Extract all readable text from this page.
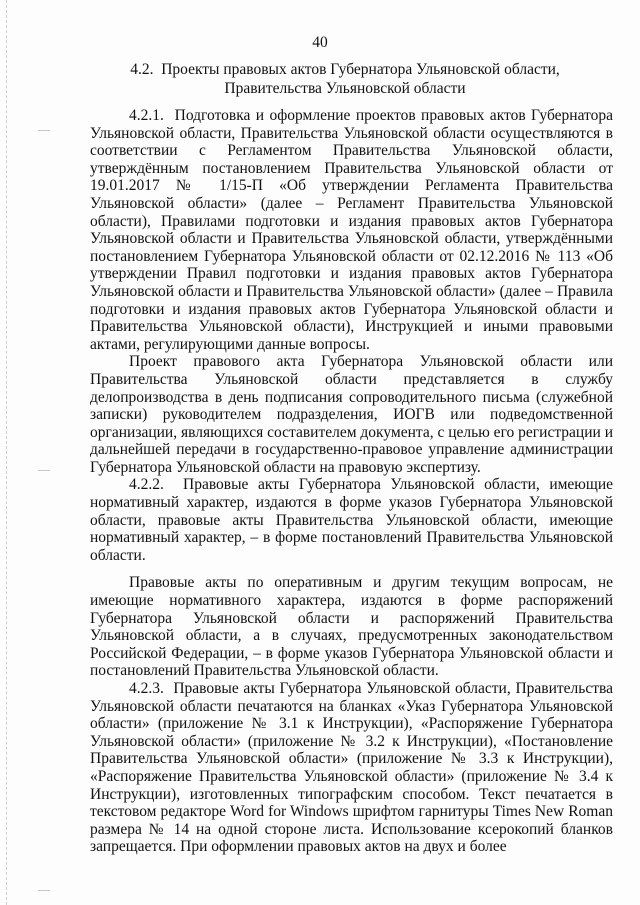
40
4.2.  Проекты правовых актов Губернатора Ульяновской области,
Правительства Ульяновской области

4.2.1.  Подготовка и оформление проектов правовых актов Губернатора Ульяновской области, Правительства Ульяновской области осуществляются в соответствии с Регламентом Правительства Ульяновской области, утверждённым постановлением Правительства Ульяновской области от 19.01.2017 № 1/15-П «Об утверждении Регламента Правительства Ульяновской области» (далее – Регламент Правительства Ульяновской области), Правилами подготовки и издания правовых актов Губернатора Ульяновской области и Правительства Ульяновской области, утверждёнными постановлением Губернатора Ульяновской области от 02.12.2016 № 113 «Об утверждении Правил подготовки и издания правовых актов Губернатора Ульяновской области и Правительства Ульяновской области» (далее – Правила подготовки и издания правовых актов Губернатора Ульяновской области и Правительства Ульяновской области), Инструкцией и иными правовыми актами, регулирующими данные вопросы.

Проект правового акта Губернатора Ульяновской области или Правительства Ульяновской области представляется в службу делопроизводства в день подписания сопроводительного письма (служебной записки) руководителем подразделения, ИОГВ или подведомственной организации, являющихся составителем документа, с целью его регистрации и дальнейшей передачи в государственно-правовое управление администрации Губернатора Ульяновской области на правовую экспертизу.

4.2.2.  Правовые акты Губернатора Ульяновской области, имеющие нормативный характер, издаются в форме указов Губернатора Ульяновской области, правовые акты Правительства Ульяновской области, имеющие нормативный характер, – в форме постановлений Правительства Ульяновской области.

Правовые акты по оперативным и другим текущим вопросам, не имеющие нормативного характера, издаются в форме распоряжений Губернатора Ульяновской области и распоряжений Правительства Ульяновской области, а в случаях, предусмотренных законодательством Российской Федерации, – в форме указов Губернатора Ульяновской области и постановлений Правительства Ульяновской области.

4.2.3.  Правовые акты Губернатора Ульяновской области, Правительства Ульяновской области печатаются на бланках «Указ Губернатора Ульяновской области» (приложение № 3.1 к Инструкции), «Распоряжение Губернатора Ульяновской области» (приложение № 3.2 к Инструкции), «Постановление Правительства Ульяновской области» (приложение № 3.3 к Инструкции), «Распоряжение Правительства Ульяновской области» (приложение № 3.4 к Инструкции), изготовленных типографским способом. Текст печатается в текстовом редакторе Word for Windows шрифтом гарнитуры Times New Roman размера № 14 на одной стороне листа. Использование ксерокопий бланков запрещается. При оформлении правовых актов на двух и более
